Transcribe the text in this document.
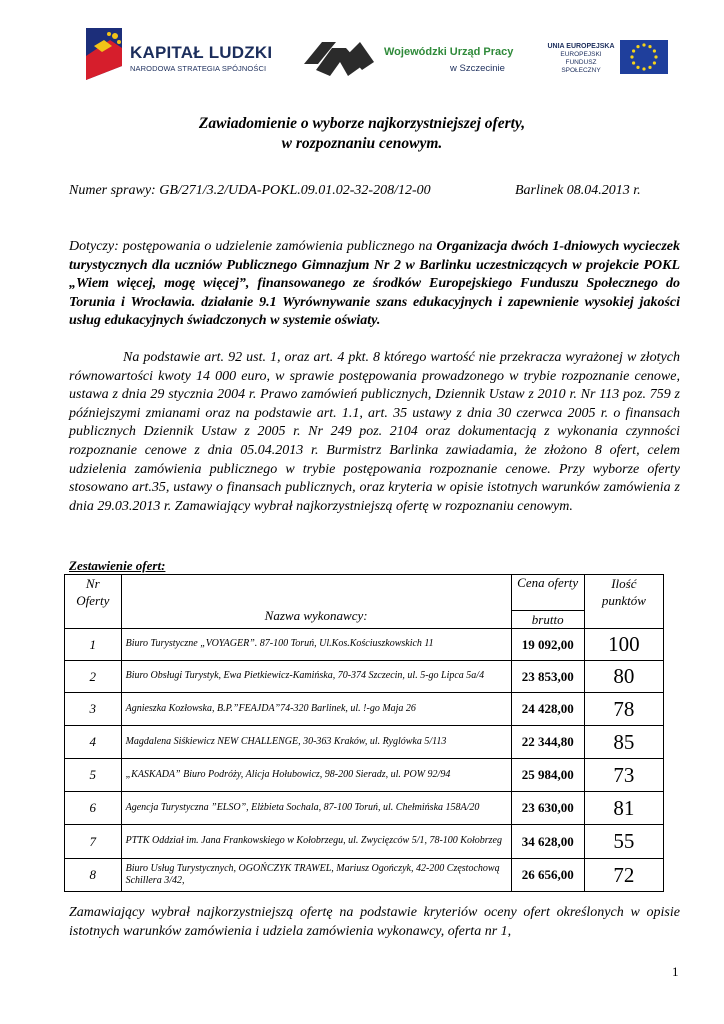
KAPITAŁ LUDZKI
NARODOWA STRATEGIA SPÓJNOŚCI
Wojewódzki Urząd Pracy
w Szczecinie
UNIA EUROPEJSKA
EUROPEJSKI
FUNDUSZ SPOŁECZNY
Zawiadomienie o wyborze najkorzystniejszej oferty,
w rozpoznaniu cenowym.
Numer sprawy: GB/271/3.2/UDA-POKL.09.01.02-32-208/12-00	Barlinek 08.04.2013 r.
Dotyczy: postępowania o udzielenie zamówienia publicznego na Organizacja dwóch 1-dniowych wycieczek turystycznych dla uczniów Publicznego Gimnazjum Nr 2 w Barlinku uczestniczących w projekcie POKL „Wiem więcej, mogę więcej”, finansowanego ze środków Europejskiego Funduszu Społecznego do Torunia i Wrocławia. działanie 9.1 Wyrównywanie szans edukacyjnych i zapewnienie wysokiej jakości usług edukacyjnych świadczonych w systemie oświaty.
Na podstawie art. 92 ust. 1, oraz art. 4 pkt. 8 którego wartość nie przekracza wyrażonej w złotych równowartości kwoty 14 000 euro, w sprawie postępowania prowadzonego w trybie rozpoznanie cenowe, ustawa z dnia 29 stycznia 2004 r. Prawo zamówień publicznych, Dziennik Ustaw z 2010 r. Nr 113 poz. 759 z późniejszymi zmianami oraz na podstawie art. 1.1, art. 35 ustawy z dnia 30 czerwca 2005 r. o finansach publicznych Dziennik Ustaw z 2005 r. Nr 249 poz. 2104 oraz dokumentacją z wykonania czynności rozpoznanie cenowe z dnia 05.04.2013 r. Burmistrz Barlinka zawiadamia, że złożono 8 ofert, celem udzielenia zamówienia publicznego w trybie postępowania rozpoznanie cenowe. Przy wyborze oferty stosowano art.35, ustawy o finansach publicznych, oraz kryteria w opisie istotnych warunków zamówienia z dnia 29.03.2013 r. Zamawiający wybrał najkorzystniejszą ofertę w rozpoznaniu cenowym.
Zestawienie ofert:
Nr Oferty	Nazwa wykonawcy:	Cena oferty	Ilość punktów
		brutto	
1	Biuro Turystyczne „VOYAGER”. 87-100 Toruń, Ul.Kos.Kościuszkowskich 11	19 092,00	100
2	Biuro Obsługi Turystyk, Ewa Pietkiewicz-Kamińska, 70-374 Szczecin, ul. 5-go Lipca 5a/4	23 853,00	80
3	Agnieszka Kozłowska, B.P.”FEAJDA”74-320 Barlinek, ul. !-go Maja 26	24 428,00	78
4	Magdalena Siśkiewicz NEW CHALLENGE, 30-363 Kraków, ul. Ryglówka 5/113	22 344,80	85
5	„KASKADA” Biuro Podróży, Alicja Hołubowicz, 98-200 Sieradz, ul. POW 92/94	25 984,00	73
6	Agencja Turystyczna ”ELSO”, Elżbieta Sochala, 87-100 Toruń, ul. Chełmińska 158A/20	23 630,00	81
7	PTTK Oddział im. Jana Frankowskiego w Kołobrzegu, ul. Zwycięzców 5/1, 78-100 Kołobrzeg	34 628,00	55
8	Biuro Usług Turystycznych, OGOŃCZYK TRAWEL, Mariusz Ogończyk, 42-200 Częstochową Schillera 3/42,	26 656,00	72
Zamawiający wybrał najkorzystniejszą ofertę na podstawie kryteriów oceny ofert określonych w opisie istotnych warunków zamówienia i udziela zamówienia wykonawcy, oferta nr 1,
1
